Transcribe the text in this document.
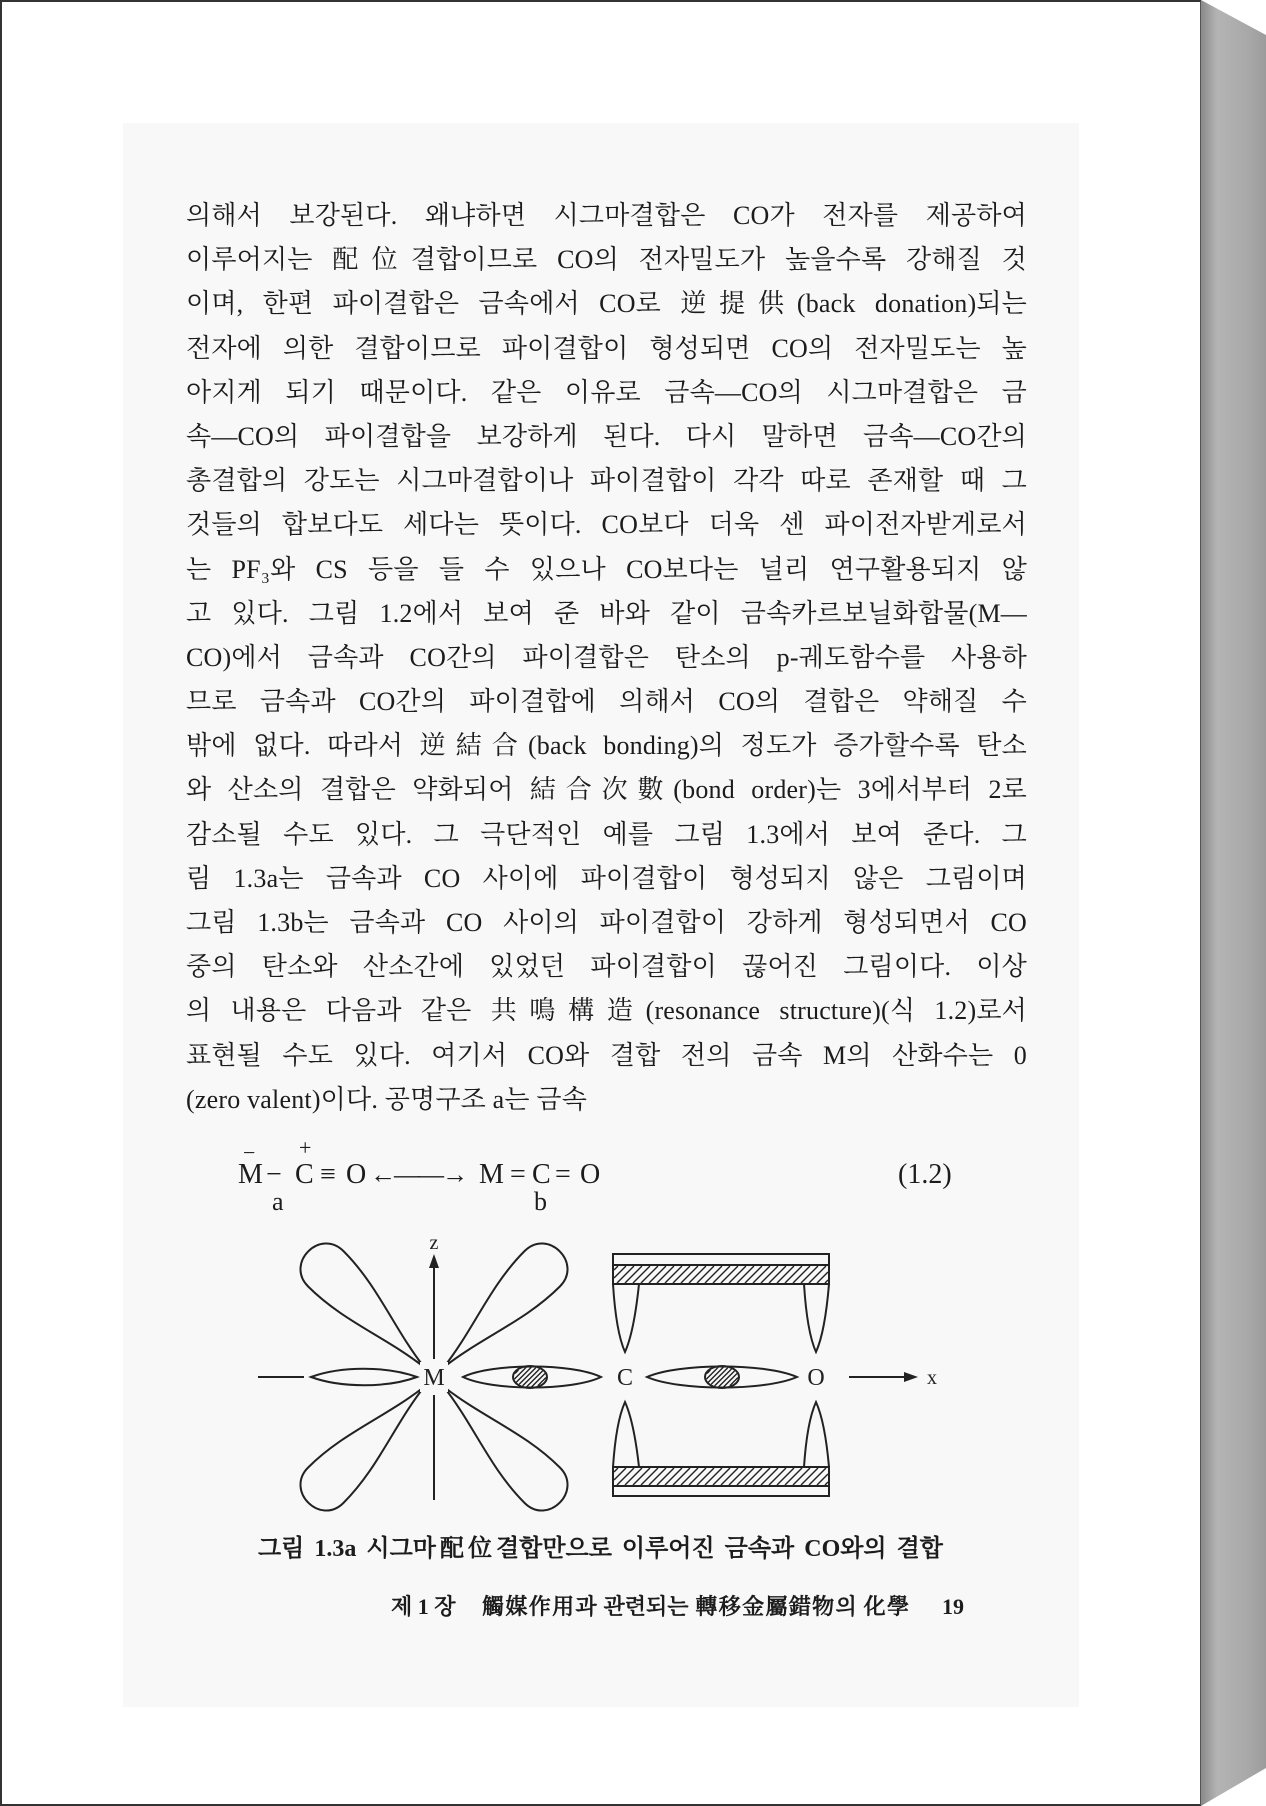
의해서 보강된다. 왜냐하면 시그마결합은 CO가 전자를 제공하여
이루어지는 配位결합이므로 CO의 전자밀도가 높을수록 강해질 것
이며, 한편 파이결합은 금속에서 CO로 逆提供(back donation)되는
전자에 의한 결합이므로 파이결합이 형성되면 CO의 전자밀도는 높
아지게 되기 때문이다. 같은 이유로 금속—CO의 시그마결합은 금
속—CO의 파이결합을 보강하게 된다. 다시 말하면 금속—CO간의
총결합의 강도는 시그마결합이나 파이결합이 각각 따로 존재할 때 그
것들의 합보다도 세다는 뜻이다. CO보다 더욱 센 파이전자받게로서
는 PF₃와 CS 등을 들 수 있으나 CO보다는 널리 연구활용되지 않
고 있다. 그림 1.2에서 보여 준 바와 같이 금속카르보닐화합물(M—
CO)에서 금속과 CO간의 파이결합은 탄소의 p-궤도함수를 사용하
므로 금속과 CO간의 파이결합에 의해서 CO의 결합은 약해질 수
밖에 없다. 따라서 逆結合(back bonding)의 정도가 증가할수록 탄소
와 산소의 결합은 약화되어 結合次數(bond order)는 3에서부터 2로
감소될 수도 있다. 그 극단적인 예를 그림 1.3에서 보여 준다. 그
림 1.3a는 금속과 CO 사이에 파이결합이 형성되지 않은 그림이며
그림 1.3b는 금속과 CO 사이의 파이결합이 강하게 형성되면서 CO
중의 탄소와 산소간에 있었던 파이결합이 끊어진 그림이다. 이상
의 내용은 다음과 같은 共鳴構造(resonance structure)(식 1.2)로서
표현될 수도 있다. 여기서 CO와 결합 전의 금속 M의 산화수는 0
(zero valent)이다. 공명구조 a는 금속
−
M −
+
C ≡ O ←——→ M = C = O
a	b
(1.2)
z
x
M	C	O
그림 1.3a 시그마配位결합만으로 이루어진 금속과 CO와의 결합
제 1 장	觸媒作用과 관련되는 轉移金屬錯物의 化學 19
